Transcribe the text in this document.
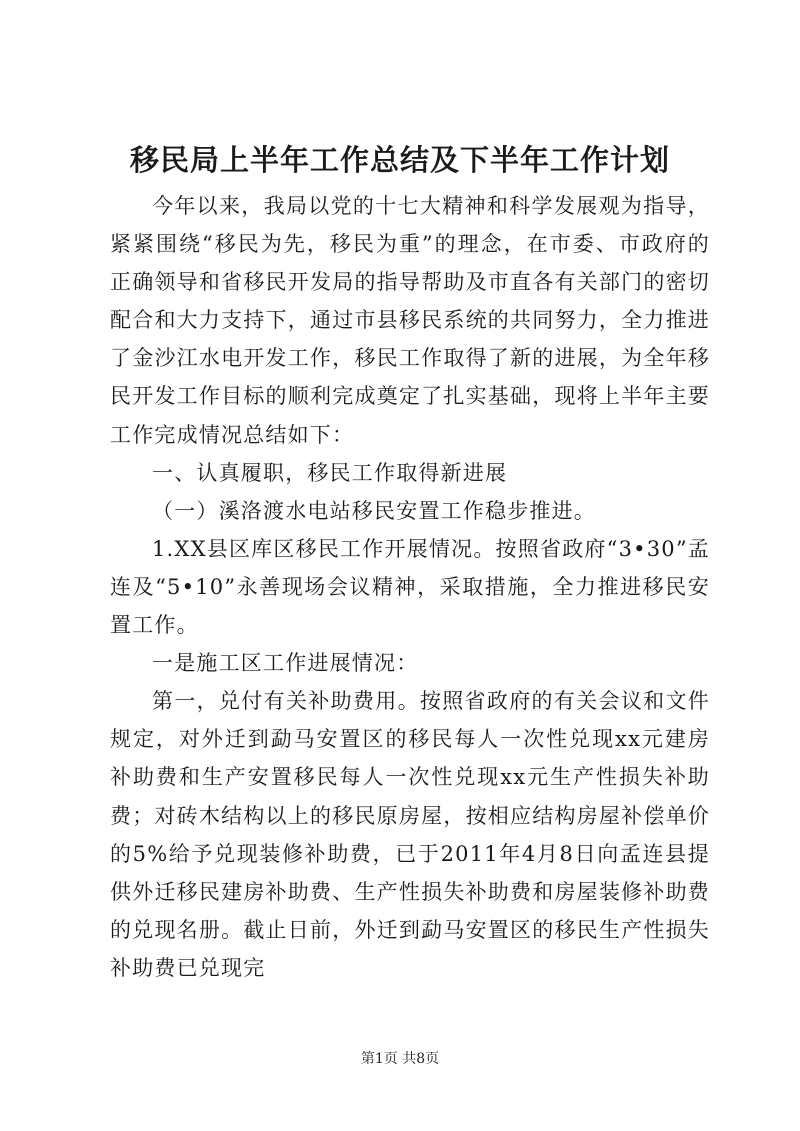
移民局上半年工作总结及下半年工作计划

今年以来，我局以党的十七大精神和科学发展观为指导，紧紧围绕“移民为先，移民为重”的理念，在市委、市政府的正确领导和省移民开发局的指导帮助及市直各有关部门的密切配合和大力支持下，通过市县移民系统的共同努力，全力推进了金沙江水电开发工作，移民工作取得了新的进展，为全年移民开发工作目标的顺利完成奠定了扎实基础，现将上半年主要工作完成情况总结如下：

一、认真履职，移民工作取得新进展

（一）溪洛渡水电站移民安置工作稳步推进。

1.XX县区库区移民工作开展情况。按照省政府“3•30”孟连及“5•10”永善现场会议精神，采取措施，全力推进移民安置工作。

一是施工区工作进展情况：

第一，兑付有关补助费用。按照省政府的有关会议和文件规定，对外迁到勐马安置区的移民每人一次性兑现xx元建房补助费和生产安置移民每人一次性兑现xx元生产性损失补助费；对砖木结构以上的移民原房屋，按相应结构房屋补偿单价的5%给予兑现装修补助费，已于2011年4月8日向孟连县提供外迁移民建房补助费、生产性损失补助费和房屋装修补助费的兑现名册。截止日前，外迁到勐马安置区的移民生产性损失补助费已兑现完

第1页 共8页
